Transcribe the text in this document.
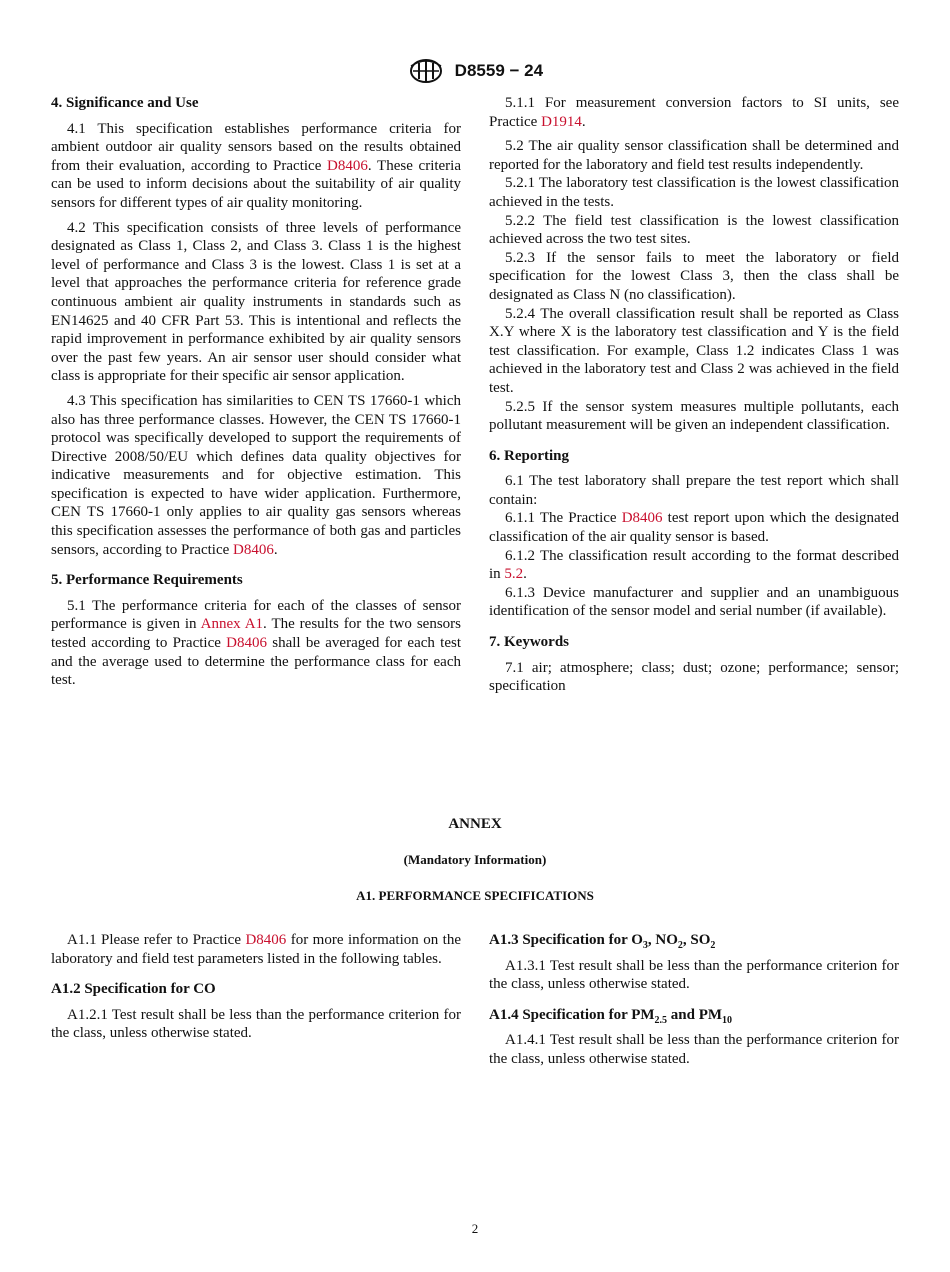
D8559 − 24
4. Significance and Use

4.1 This specification establishes performance criteria for ambient outdoor air quality sensors based on the results obtained from their evaluation, according to Practice D8406. These criteria can be used to inform decisions about the suitability of air quality sensors for different types of air quality monitoring.

4.2 This specification consists of three levels of performance designated as Class 1, Class 2, and Class 3. Class 1 is the highest level of performance and Class 3 is the lowest. Class 1 is set at a level that approaches the performance criteria for reference grade continuous ambient air quality instruments in standards such as EN14625 and 40 CFR Part 53. This is intentional and reflects the rapid improvement in performance exhibited by air quality sensors over the past few years. An air sensor user should consider what class is appropriate for their specific air sensor application.

4.3 This specification has similarities to CEN TS 17660-1 which also has three performance classes. However, the CEN TS 17660-1 protocol was specifically developed to support the requirements of Directive 2008/50/EU which defines data quality objectives for indicative measurements and for objective estimation. This specification is expected to have wider application. Furthermore, CEN TS 17660-1 only applies to air quality gas sensors whereas this specification assesses the performance of both gas and particles sensors, according to Practice D8406.

5. Performance Requirements

5.1 The performance criteria for each of the classes of sensor performance is given in Annex A1. The results for the two sensors tested according to Practice D8406 shall be averaged for each test and the average used to determine the performance class for each test.

5.1.1 For measurement conversion factors to SI units, see Practice D1914.

5.2 The air quality sensor classification shall be determined and reported for the laboratory and field test results independently.

5.2.1 The laboratory test classification is the lowest classification achieved in the tests.

5.2.2 The field test classification is the lowest classification achieved across the two test sites.

5.2.3 If the sensor fails to meet the laboratory or field specification for the lowest Class 3, then the class shall be designated as Class N (no classification).

5.2.4 The overall classification result shall be reported as Class X.Y where X is the laboratory test classification and Y is the field test classification. For example, Class 1.2 indicates Class 1 was achieved in the laboratory test and Class 2 was achieved in the field test.

5.2.5 If the sensor system measures multiple pollutants, each pollutant measurement will be given an independent classification.

6. Reporting

6.1 The test laboratory shall prepare the test report which shall contain:

6.1.1 The Practice D8406 test report upon which the designated classification of the air quality sensor is based.

6.1.2 The classification result according to the format described in 5.2.

6.1.3 Device manufacturer and supplier and an unambiguous identification of the sensor model and serial number (if available).

7. Keywords

7.1 air; atmosphere; class; dust; ozone; performance; sensor; specification

ANNEX
(Mandatory Information)
A1. PERFORMANCE SPECIFICATIONS

A1.1 Please refer to Practice D8406 for more information on the laboratory and field test parameters listed in the following tables.

A1.2 Specification for CO

A1.2.1 Test result shall be less than the performance criterion for the class, unless otherwise stated.

A1.3 Specification for $O_3$, $NO_2$, $SO_2$

A1.3.1 Test result shall be less than the performance criterion for the class, unless otherwise stated.

A1.4 Specification for $PM_{2.5}$ and $PM_{10}$

A1.4.1 Test result shall be less than the performance criterion for the class, unless otherwise stated.

2
